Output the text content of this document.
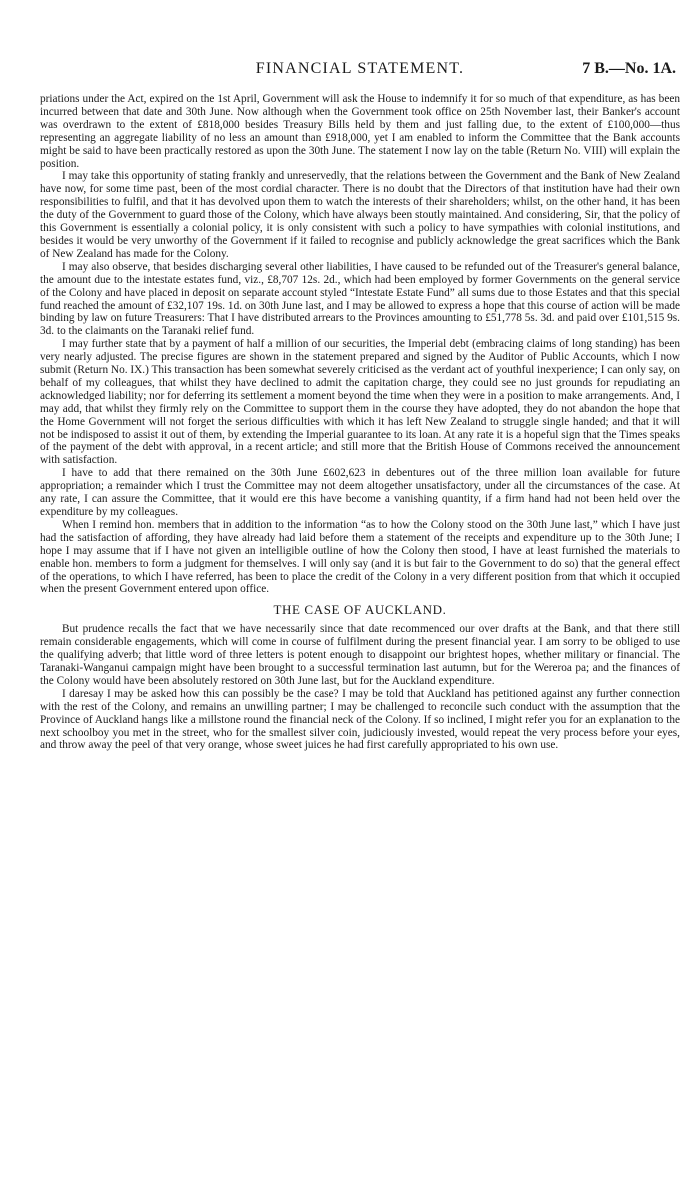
FINANCIAL STATEMENT.	7 B.—No. 1A.

priations under the Act, expired on the 1st April, Government will ask the House to indemnify it for so much of that expenditure, as has been incurred between that date and 30th June. Now although when the Government took office on 25th November last, their Banker's account was overdrawn to the extent of £818,000 besides Treasury Bills held by them and just falling due, to the extent of £100,000—thus representing an aggregate liability of no less an amount than £918,000, yet I am enabled to inform the Committee that the Bank accounts might be said to have been practically restored as upon the 30th June. The statement I now lay on the table (Return No. VIII) will explain the position.

I may take this opportunity of stating frankly and unreservedly, that the relations between the Government and the Bank of New Zealand have now, for some time past, been of the most cordial character. There is no doubt that the Directors of that institution have had their own responsibilities to fulfil, and that it has devolved upon them to watch the interests of their shareholders; whilst, on the other hand, it has been the duty of the Government to guard those of the Colony, which have always been stoutly maintained. And considering, Sir, that the policy of this Government is essentially a colonial policy, it is only consistent with such a policy to have sympathies with colonial institutions, and besides it would be very unworthy of the Government if it failed to recognise and publicly acknowledge the great sacrifices which the Bank of New Zealand has made for the Colony.

I may also observe, that besides discharging several other liabilities, I have caused to be refunded out of the Treasurer's general balance, the amount due to the intestate estates fund, viz., £8,707 12s. 2d., which had been employed by former Governments on the general service of the Colony and have placed in deposit on separate account styled “Intestate Estate Fund” all sums due to those Estates and that this special fund reached the amount of £32,107 19s. 1d. on 30th June last, and I may be allowed to express a hope that this course of action will be made binding by law on future Treasurers: That I have distributed arrears to the Provinces amounting to £51,778 5s. 3d. and paid over £101,515 9s. 3d. to the claimants on the Taranaki relief fund.

I may further state that by a payment of half a million of our securities, the Imperial debt (embracing claims of long standing) has been very nearly adjusted. The precise figures are shown in the statement prepared and signed by the Auditor of Public Accounts, which I now submit (Return No. IX.) This transaction has been somewhat severely criticised as the verdant act of youthful inexperience; I can only say, on behalf of my colleagues, that whilst they have declined to admit the capitation charge, they could see no just grounds for repudiating an acknowledged liability; nor for deferring its settlement a moment beyond the time when they were in a position to make arrangements. And, I may add, that whilst they firmly rely on the Committee to support them in the course they have adopted, they do not abandon the hope that the Home Government will not forget the serious difficulties with which it has left New Zealand to struggle single handed; and that it will not be indisposed to assist it out of them, by extending the Imperial guarantee to its loan. At any rate it is a hopeful sign that the Times speaks of the payment of the debt with approval, in a recent article; and still more that the British House of Commons received the announcement with satisfaction.

I have to add that there remained on the 30th June £602,623 in debentures out of the three million loan available for future appropriation; a remainder which I trust the Committee may not deem altogether unsatisfactory, under all the circumstances of the case. At any rate, I can assure the Committee, that it would ere this have become a vanishing quantity, if a firm hand had not been held over the expenditure by my colleagues.

When I remind hon. members that in addition to the information “as to how the Colony stood on the 30th June last,” which I have just had the satisfaction of affording, they have already had laid before them a statement of the receipts and expenditure up to the 30th June; I hope I may assume that if I have not given an intelligible outline of how the Colony then stood, I have at least furnished the materials to enable hon. members to form a judgment for themselves. I will only say (and it is but fair to the Government to do so) that the general effect of the operations, to which I have referred, has been to place the credit of the Colony in a very different position from that which it occupied when the present Government entered upon office.

THE CASE OF AUCKLAND.

But prudence recalls the fact that we have necessarily since that date recommenced our over drafts at the Bank, and that there still remain considerable engagements, which will come in course of fulfilment during the present financial year. I am sorry to be obliged to use the qualifying adverb; that little word of three letters is potent enough to disappoint our brightest hopes, whether military or financial. The Taranaki-Wanganui campaign might have been brought to a successful termination last autumn, but for the Wereroa pa; and the finances of the Colony would have been absolutely restored on 30th June last, but for the Auckland expenditure.

I daresay I may be asked how this can possibly be the case? I may be told that Auckland has petitioned against any further connection with the rest of the Colony, and remains an unwilling partner; I may be challenged to reconcile such conduct with the assumption that the Province of Auckland hangs like a millstone round the financial neck of the Colony. If so inclined, I might refer you for an explanation to the next schoolboy you met in the street, who for the smallest silver coin, judiciously invested, would repeat the very process before your eyes, and throw away the peel of that very orange, whose sweet juices he had first carefully appropriated to his own use.
